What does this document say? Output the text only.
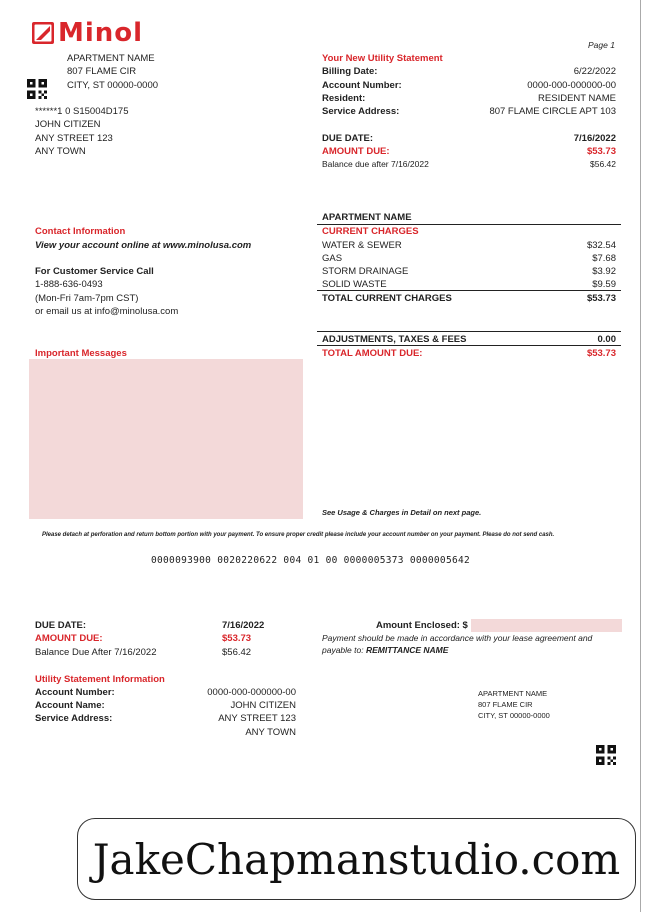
Minol	Page 1
APARTMENT NAME
807 FLAME CIR
CITY, ST 00000-0000
******1 0 S15004D175
JOHN CITIZEN
ANY STREET 123
ANY TOWN
Your New Utility Statement
Billing Date:	6/22/2022
Account Number:	0000-000-000000-00
Resident:	RESIDENT NAME
Service Address:	807 FLAME CIRCLE APT 103
DUE DATE:	7/16/2022
AMOUNT DUE:	$53.73
Balance due after 7/16/2022	$56.42
Contact Information
View your account online at www.minolusa.com
For Customer Service Call
1-888-636-0493
(Mon-Fri 7am-7pm CST)
or email us at info@minolusa.com
Important Messages
APARTMENT NAME
CURRENT CHARGES
WATER & SEWER	$32.54
GAS	$7.68
STORM DRAINAGE	$3.92
SOLID WASTE	$9.59
TOTAL CURRENT CHARGES	$53.73
ADJUSTMENTS, TAXES & FEES	0.00
TOTAL AMOUNT DUE:	$53.73
See Usage & Charges in Detail on next page.
Please detach at perforation and return bottom portion with your payment. To ensure proper credit please include your account number on your payment. Please do not send cash.
0000093900 0020220622 004 01 00 0000005373 0000005642
DUE DATE:	7/16/2022
AMOUNT DUE:	$53.73
Balance Due After 7/16/2022	$56.42
Amount Enclosed: $
Payment should be made in accordance with your lease agreement and
payable to: REMITTANCE NAME
Utility Statement Information
Account Number:	0000-000-000000-00
Account Name:	JOHN CITIZEN
Service Address:	ANY STREET 123
ANY TOWN
APARTMENT NAME
807 FLAME CIR
CITY, ST 00000-0000
JakeChapmanstudio.com
